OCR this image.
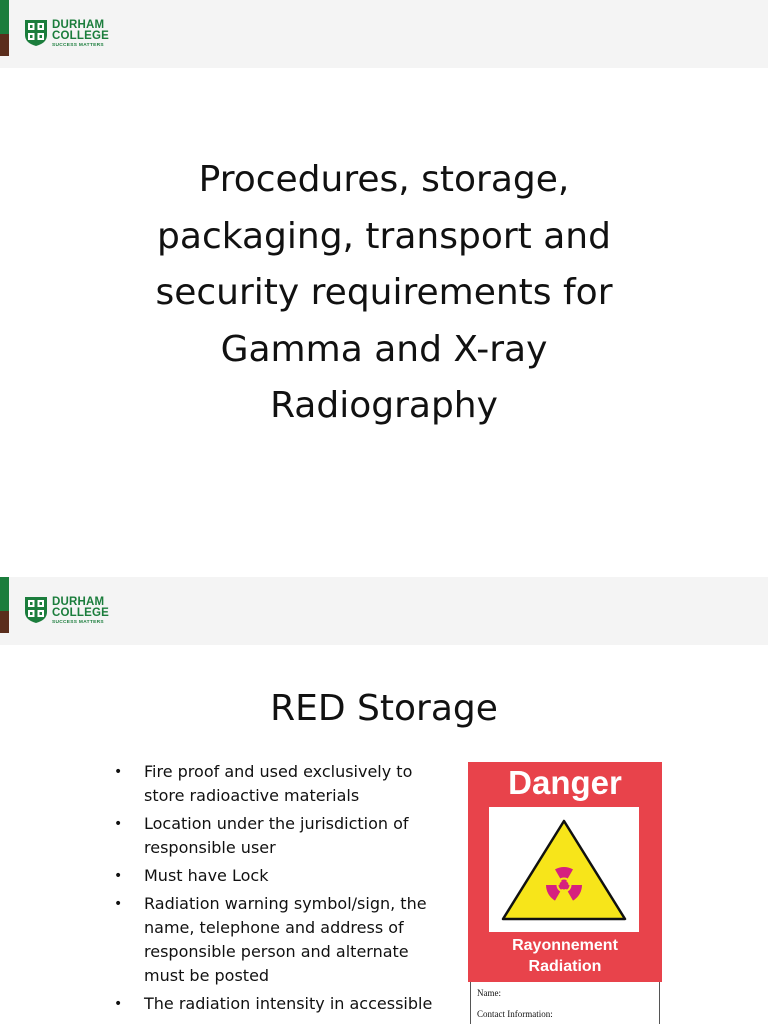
DURHAM
COLLEGE
SUCCESS MATTERS
Procedures, storage,
packaging, transport and
security requirements for
Gamma and X-ray
Radiography
DURHAM
COLLEGE
SUCCESS MATTERS
RED Storage
• Fire proof and used exclusively to store radioactive materials
• Location under the jurisdiction of responsible user
• Must have Lock
• Radiation warning symbol/sign, the name, telephone and address of responsible person and alternate must be posted
• The radiation intensity in accessible
Danger
Rayonnement
Radiation
Name:
Contact Information:
